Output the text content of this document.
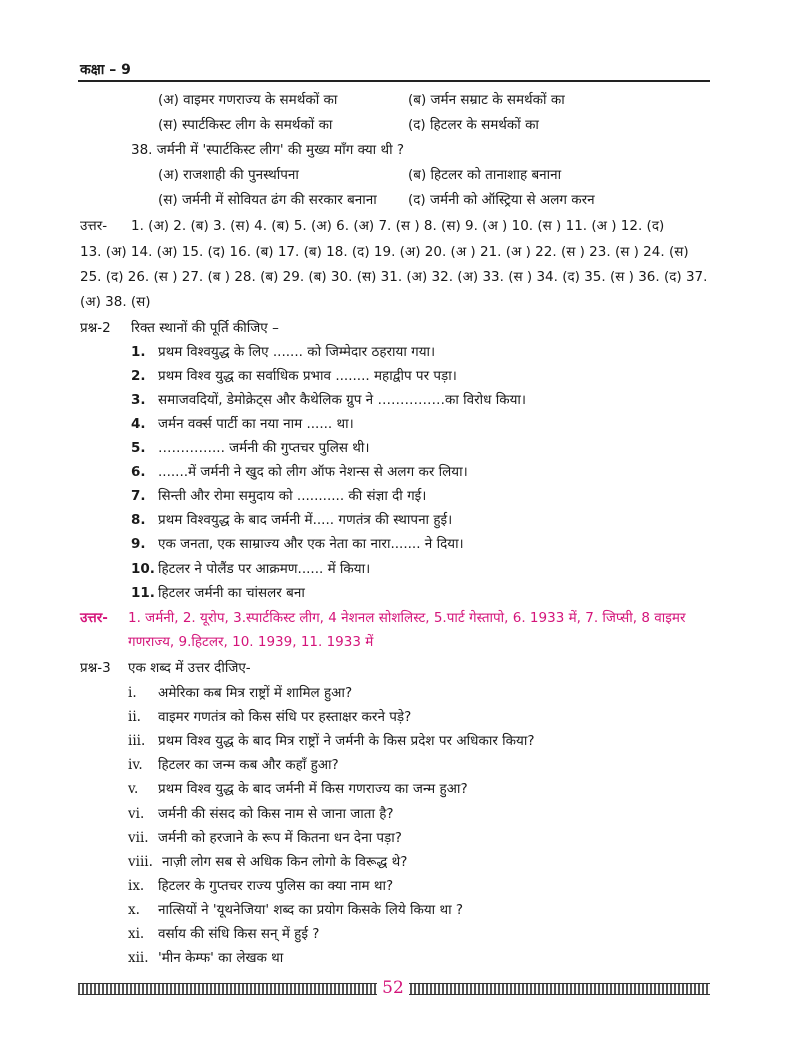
कक्षा – 9
(अ) वाइमर गणराज्य के समर्थकों का	(ब) जर्मन सम्राट के समर्थकों का
(स) स्पार्टकिस्ट लीग के समर्थकों का	(द) हिटलर के समर्थकों का
38. जर्मनी में 'स्पार्टकिस्ट लीग' की मुख्य माँग क्या थी ?
(अ) राजशाही की पुनर्स्थापना	(ब) हिटलर को तानाशाह बनाना
(स) जर्मनी में सोवियत ढंग की सरकार बनाना (द) जर्मनी को ऑस्ट्रिया से अलग करन
उत्तर- 1. (अ) 2. (ब) 3. (स) 4. (ब) 5. (अ) 6. (अ) 7. (स ) 8. (स) 9. (अ ) 10. (स ) 11. (अ ) 12. (द)
13. (अ) 14. (अ) 15. (द) 16. (ब) 17. (ब) 18. (द) 19. (अ) 20. (अ ) 21. (अ ) 22. (स ) 23. (स ) 24. (स)
25. (द) 26. (स ) 27. (ब ) 28. (ब) 29. (ब) 30. (स) 31. (अ) 32. (अ) 33. (स ) 34. (द) 35. (स ) 36. (द) 37.
(अ) 38. (स)
प्रश्न-2 रिक्त स्थानों की पूर्ति कीजिए –
1. प्रथम विश्वयुद्ध के लिए ....... को जिम्मेदार ठहराया गया।
2. प्रथम विश्व युद्ध का सर्वाधिक प्रभाव ........ महाद्वीप पर पड़ा।
3. समाजवदियों, डेमोक्रेट्स और कैथेलिक ग्रुप ने ……………का विरोध किया।
4. जर्मन वर्क्स पार्टी का नया नाम ...... था।
5. …………... जर्मनी की गुप्तचर पुलिस थी।
6. .......में जर्मनी ने खुद को लीग ऑफ नेशन्स से अलग कर लिया।
7. सिन्ती और रोमा समुदाय को ........... की संज्ञा दी गई।
8. प्रथम विश्वयुद्ध के बाद जर्मनी में..... गणतंत्र की स्थापना हुई।
9. एक जनता, एक साम्राज्य और एक नेता का नारा....... ने दिया।
10. हिटलर ने पोलैंड पर आक्रमण...... में किया।
11. हिटलर जर्मनी का चांसलर बना
उत्तर- 1. जर्मनी, 2. यूरोप, 3.स्पार्टकिस्ट लीग, 4 नेशनल सोशलिस्ट, 5.पार्ट गेस्तापो, 6. 1933 में, 7. जिप्सी, 8 वाइमर
गणराज्य, 9.हिटलर, 10. 1939, 11. 1933 में
प्रश्न-3 एक शब्द में उत्तर दीजिए-
i. अमेरिका कब मित्र राष्ट्रों में शामिल हुआ?
ii. वाइमर गणतंत्र को किस संधि पर हस्ताक्षर करने पड़े?
iii. प्रथम विश्व युद्ध के बाद मित्र राष्ट्रों ने जर्मनी के किस प्रदेश पर अधिकार किया?
iv. हिटलर का जन्म कब और कहाँ हुआ?
v. प्रथम विश्व युद्ध के बाद जर्मनी में किस गणराज्य का जन्म हुआ?
vi. जर्मनी की संसद को किस नाम से जाना जाता है?
vii. जर्मनी को हरजाने के रूप में कितना धन देना पड़ा?
viii. नाज़ी लोग सब से अधिक किन लोगो के विरूद्ध थे?
ix. हिटलर के गुप्तचर राज्य पुलिस का क्या नाम था?
x. नात्सियों ने 'यूथनेजिया' शब्द का प्रयोग किसके लिये किया था ?
xi. वर्साय की संधि किस सन् में हुई ?
xii. 'मीन केम्फ' का लेखक था
52
